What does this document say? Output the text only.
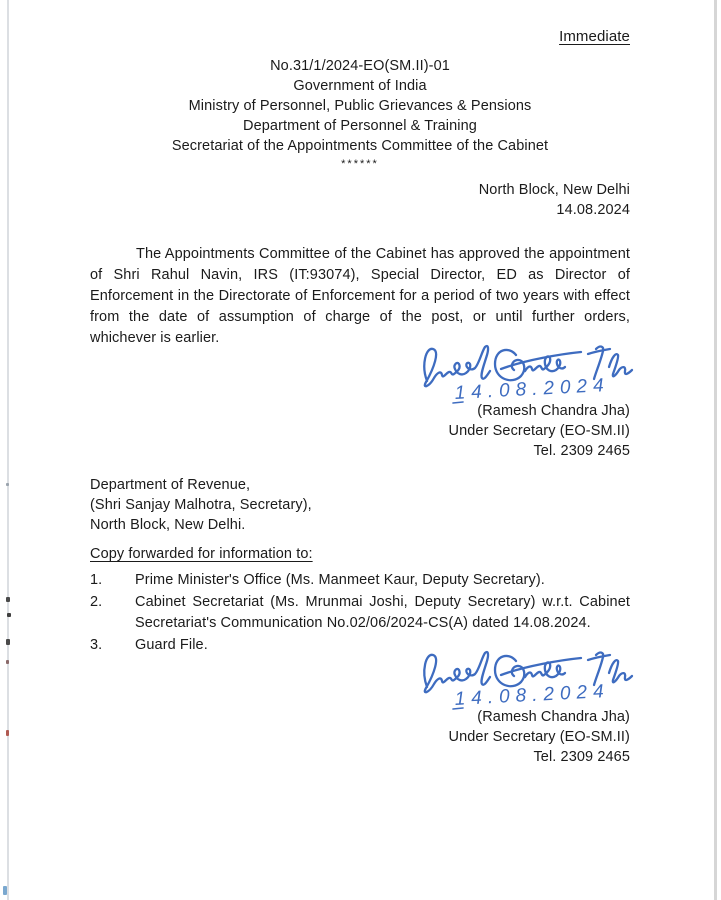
Immediate
No.31/1/2024-EO(SM.II)-01
Government of India
Ministry of Personnel, Public Grievances & Pensions
Department of Personnel & Training
Secretariat of the Appointments Committee of the Cabinet
******
North Block, New Delhi
14.08.2024

The Appointments Committee of the Cabinet has approved the appointment of Shri Rahul Navin, IRS (IT:93074), Special Director, ED as Director of Enforcement in the Directorate of Enforcement for a period of two years with effect from the date of assumption of charge of the post, or until further orders, whichever is earlier.

14.08.2024
(Ramesh Chandra Jha)
Under Secretary (EO-SM.II)
Tel. 2309 2465
Department of Revenue,
(Shri Sanjay Malhotra, Secretary),
North Block, New Delhi.
Copy forwarded for information to:
1.	Prime Minister's Office (Ms. Manmeet Kaur, Deputy Secretary).
2.	Cabinet Secretariat (Ms. Mrunmai Joshi, Deputy Secretary) w.r.t. Cabinet Secretariat's Communication No.02/06/2024-CS(A) dated 14.08.2024.
3.	Guard File.
14.08.2024
(Ramesh Chandra Jha)
Under Secretary (EO-SM.II)
Tel. 2309 2465
